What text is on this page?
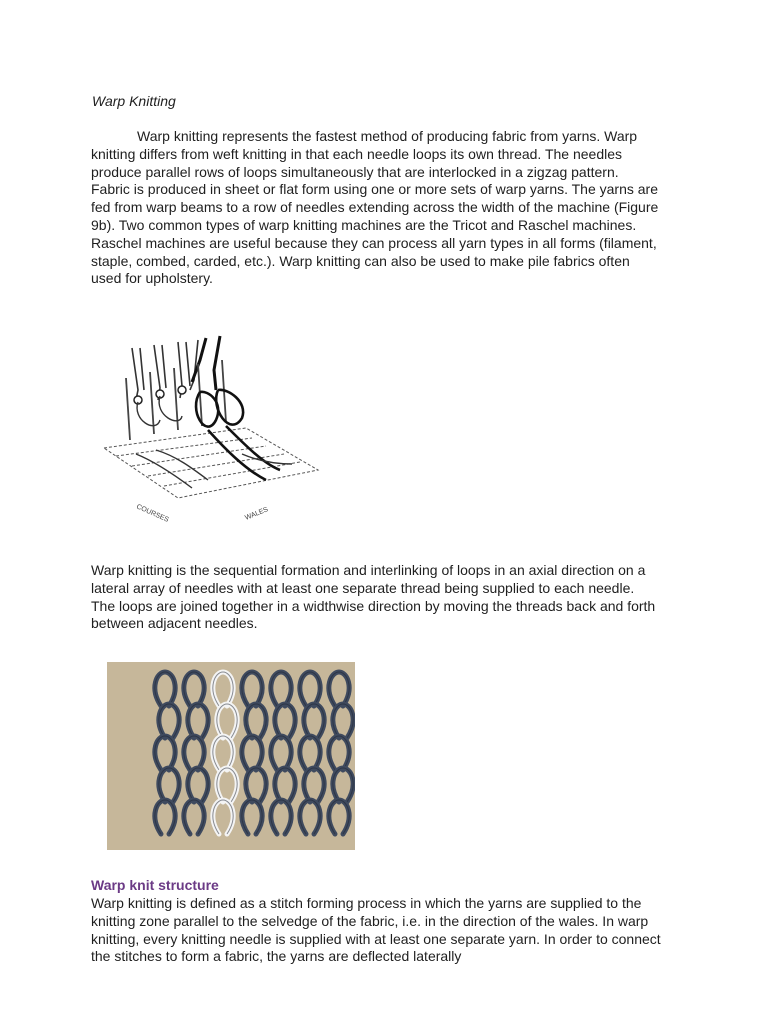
Warp Knitting

Warp knitting represents the fastest method of producing fabric from yarns. Warp knitting differs from weft knitting in that each needle loops its own thread. The needles produce parallel rows of loops simultaneously that are interlocked in a zigzag pattern. Fabric is produced in sheet or flat form using one or more sets of warp yarns. The yarns are fed from warp beams to a row of needles extending across the width of the machine (Figure 9b). Two common types of warp knitting machines are the Tricot and Raschel machines. Raschel machines are useful because they can process all yarn types in all forms (filament, staple, combed, carded, etc.). Warp knitting can also be used to make pile fabrics often used for upholstery.

COURSES	WALES

Warp knitting is the sequential formation and interlinking of loops in an axial direction on a lateral array of needles with at least one separate thread being supplied to each needle. The loops are joined together in a widthwise direction by moving the threads back and forth between adjacent needles.

Warp knit structure

Warp knitting is defined as a stitch forming process in which the yarns are supplied to the knitting zone parallel to the selvedge of the fabric, i.e. in the direction of the wales. In warp knitting, every knitting needle is supplied with at least one separate yarn. In order to connect the stitches to form a fabric, the yarns are deflected laterally
